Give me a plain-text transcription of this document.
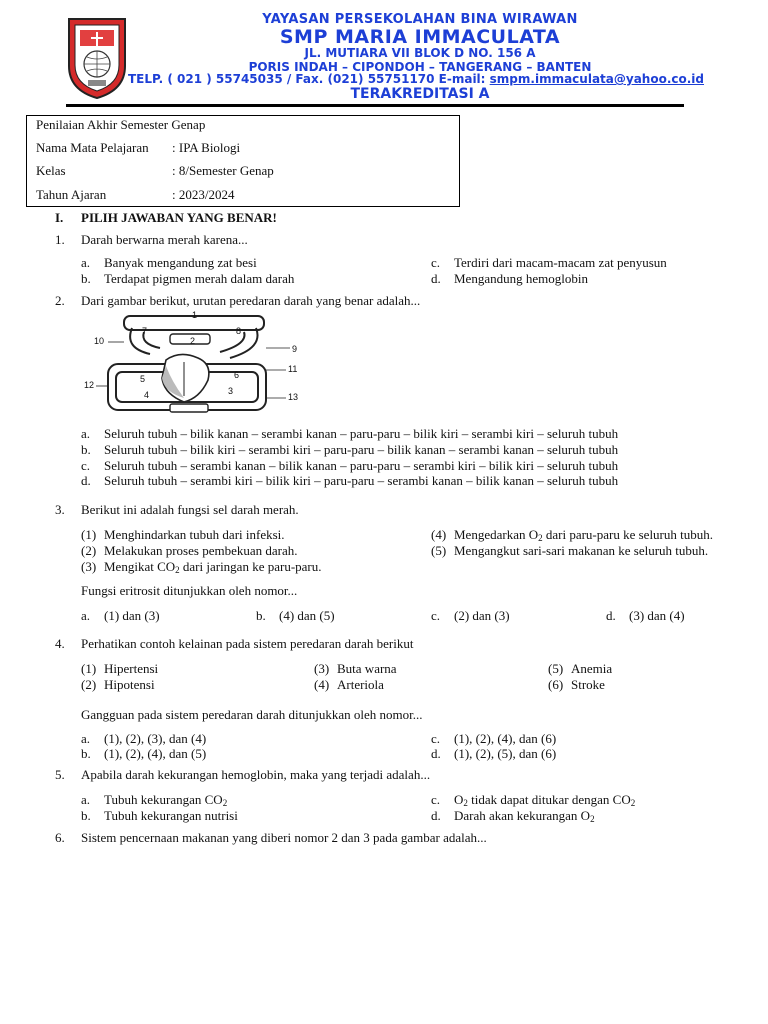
YAYASAN PERSEKOLAHAN BINA WIRAWAN
SMP MARIA IMMACULATA
JL. MUTIARA VII BLOK D NO. 156 A
PORIS INDAH – CIPONDOH – TANGERANG – BANTEN
TELP. ( 021 ) 55745035 / Fax. (021) 55751170 E-mail: smpm.immaculata@yahoo.co.id
TERAKREDITASI A
Penilaian Akhir Semester Genap
Nama Mata Pelajaran : IPA Biologi
Kelas	: 8/Semester Genap
Tahun Ajaran	: 2023/2024
I. PILIH JAWABAN YANG BENAR!
1. Darah berwarna merah karena...
a. Banyak mengandung zat besi
b. Terdapat pigmen merah dalam darah
c. Terdiri dari macam-macam zat penyusun
d. Mengandung hemoglobin
2. Dari gambar berikut, urutan peredaran darah yang benar adalah...
1
2
3
4
5	6
7	8
9
10
11
12
13
a. Seluruh tubuh – bilik kanan – serambi kanan – paru-paru – bilik kiri – serambi kiri – seluruh tubuh
b. Seluruh tubuh – bilik kiri – serambi kiri – paru-paru – bilik kanan – serambi kanan – seluruh tubuh
c. Seluruh tubuh – serambi kanan – bilik kanan – paru-paru – serambi kiri – bilik kiri – seluruh tubuh
d. Seluruh tubuh – serambi kiri – bilik kiri – paru-paru – serambi kanan – bilik kanan – seluruh tubuh
3. Berikut ini adalah fungsi sel darah merah.
(1) Menghindarkan tubuh dari infeksi.
(2) Melakukan proses pembekuan darah.
(3) Mengikat $CO_2$ dari jaringan ke paru-paru.
(4) Mengedarkan $O_2$ dari paru-paru ke seluruh tubuh.
(5) Mengangkut sari-sari makanan ke seluruh tubuh.
Fungsi eritrosit ditunjukkan oleh nomor...
a. (1) dan (3)	b. (4) dan (5)	c. (2) dan (3)	d. (3) dan (4)
4. Perhatikan contoh kelainan pada sistem peredaran darah berikut
(1) Hipertensi
(2) Hipotensi
(3) Buta warna
(4) Arteriola
(5) Anemia
(6) Stroke
Gangguan pada sistem peredaran darah ditunjukkan oleh nomor...
a. (1), (2), (3), dan (4)
b. (1), (2), (4), dan (5)
c. (1), (2), (4), dan (6)
d. (1), (2), (5), dan (6)
5. Apabila darah kekurangan hemoglobin, maka yang terjadi adalah...
a. Tubuh kekurangan $CO_2$
b. Tubuh kekurangan nutrisi
c. $O_2$ tidak dapat ditukar dengan $CO_2$
d. Darah akan kekurangan $O_2$
6. Sistem pencernaan makanan yang diberi nomor 2 dan 3 pada gambar adalah...
